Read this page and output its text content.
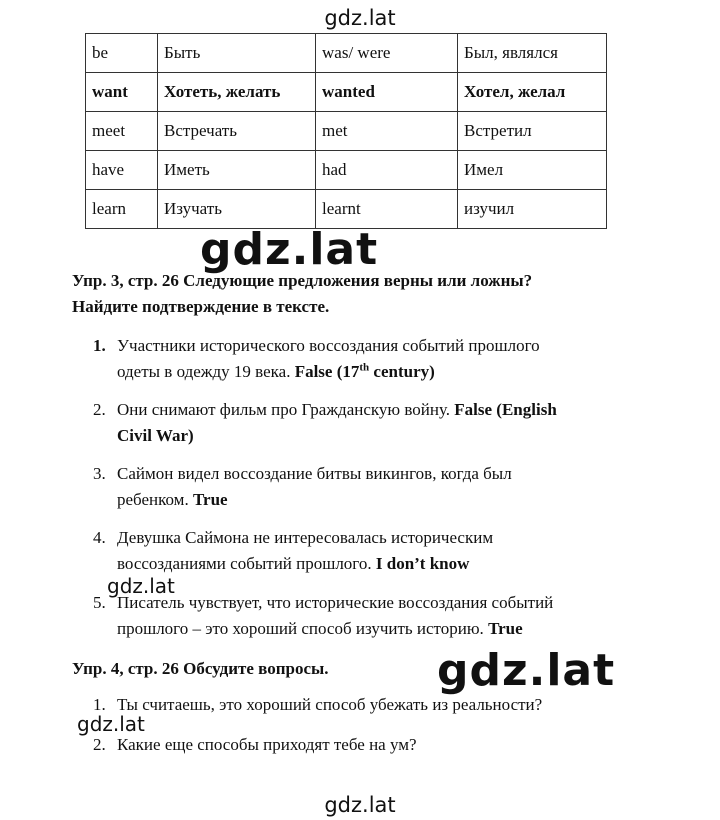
gdz.lat
be	Быть	was/ were	Был, являлся
want	Хотеть, желать	wanted	Хотел, желал
meet	Встречать	met	Встретил
have	Иметь	had	Имел
learn	Изучать	learnt	изучил
Упр. 3, стр. 26 Следующие предложения верны или ложны?
Найдите подтверждение в тексте.
1. Участники исторического воссоздания событий прошлого
одеты в одежду 19 века. False (17th century)
2. Они снимают фильм про Гражданскую войну. False (English
Civil War)
3. Саймон видел воссоздание битвы викингов, когда был
ребенком. True
4. Девушка Саймона не интересовалась историческим
воссозданиями событий прошлого. I don’t know
5. Писатель чувствует, что исторические воссоздания событий
прошлого – это хороший способ изучить историю. True
Упр. 4, стр. 26 Обсудите вопросы.
1. Ты считаешь, это хороший способ убежать из реальности?
2. Какие еще способы приходят тебе на ум?
gdz.lat
gdz.lat
gdz.lat
gdz.lat
gdz.lat
